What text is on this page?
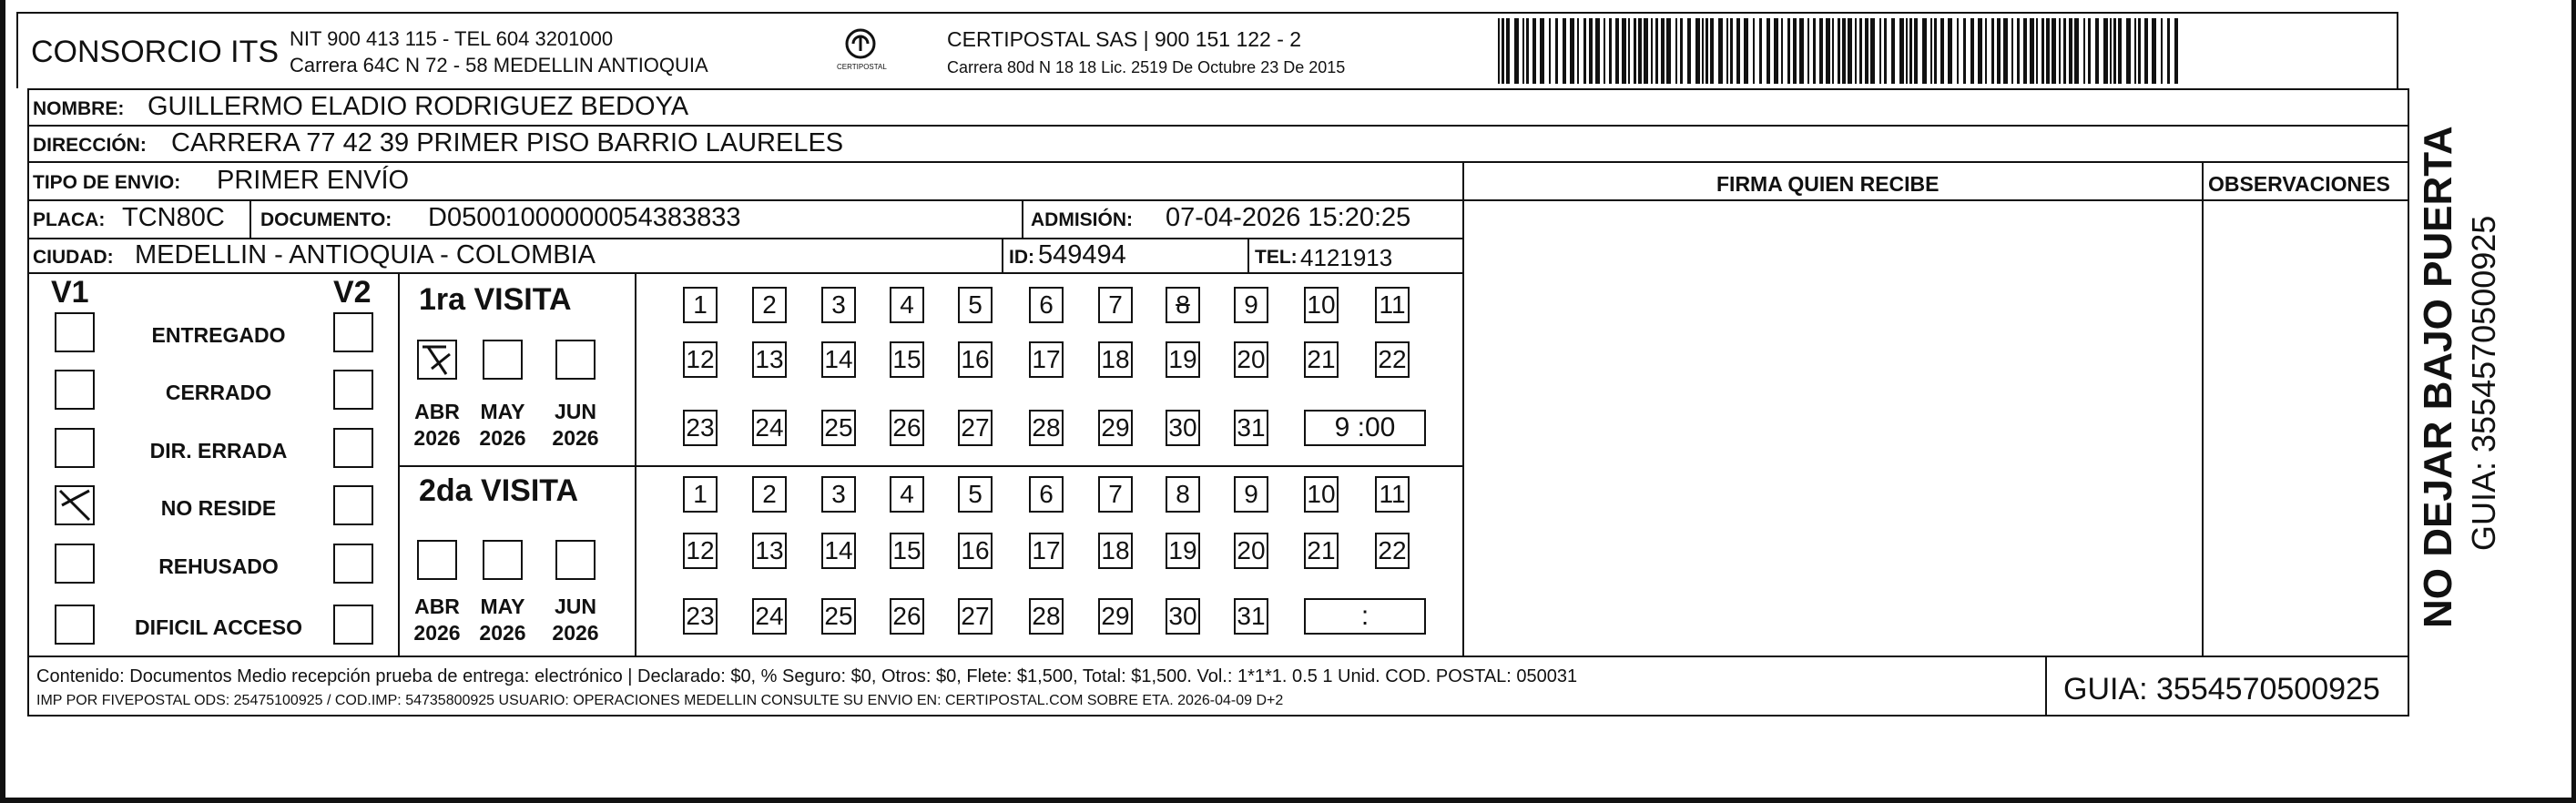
CONSORCIO ITS NIT 900 413 115 - TEL 604 3201000
Carrera 64C N 72 - 58 MEDELLIN ANTIOQUIA	CERTIPOSTAL
CERTIPOSTAL SAS | 900 151 122 - 2
Carrera 80d N 18 18 Lic. 2519 De Octubre 23 De 2015
NOMBRE: GUILLERMO ELADIO RODRIGUEZ BEDOYA
DIRECCIÓN: CARRERA 77 42 39 PRIMER PISO BARRIO LAURELES
TIPO DE ENVIO: PRIMER ENVÍO
PLACA: TCN80C DOCUMENTO: D05001000000054383833	ADMISIÓN: 07-04-2026 15:20:25
CIUDAD: MEDELLIN - ANTIOQUIA - COLOMBIA	ID: 549494	TEL: 4121913
FIRMA QUIEN RECIBE	OBSERVACIONES NO DEJAR BAJO PUERTA GUIA: 3554570500925
V1	V2
ENTREGADO
CERRADO
DIR. ERRADA
NO RESIDE
REHUSADO
DIFICIL ACCESO
1ra VISITA
2da VISITA
ABR
2026
MAY
2026
JUN
2026
ABR
2026
MAY
2026
JUN
2026
1	2	3	4	5	6	7	8	9	10 11
12 13 14 15 16 17 18 19 20 21 22
23 24 25 26 27 28 29 30 31	9 :00
1	2	3	4	5	6	7	8	9	10 11
12 13 14 15 16 17 18 19 20 21 22
23 24 25 26 27 28 29 30 31	:
Contenido: Documentos Medio recepción prueba de entrega: electrónico | Declarado: $0, % Seguro: $0, Otros: $0, Flete: $1,500, Total: $1,500. Vol.: 1*1*1. 0.5 1 Unid. COD. POSTAL: 050031
IMP POR FIVEPOSTAL ODS: 25475100925 / COD.IMP: 54735800925 USUARIO: OPERACIONES MEDELLIN CONSULTE SU ENVIO EN: CERTIPOSTAL.COM SOBRE ETA. 2026-04-09 D+2	GUIA: 3554570500925
